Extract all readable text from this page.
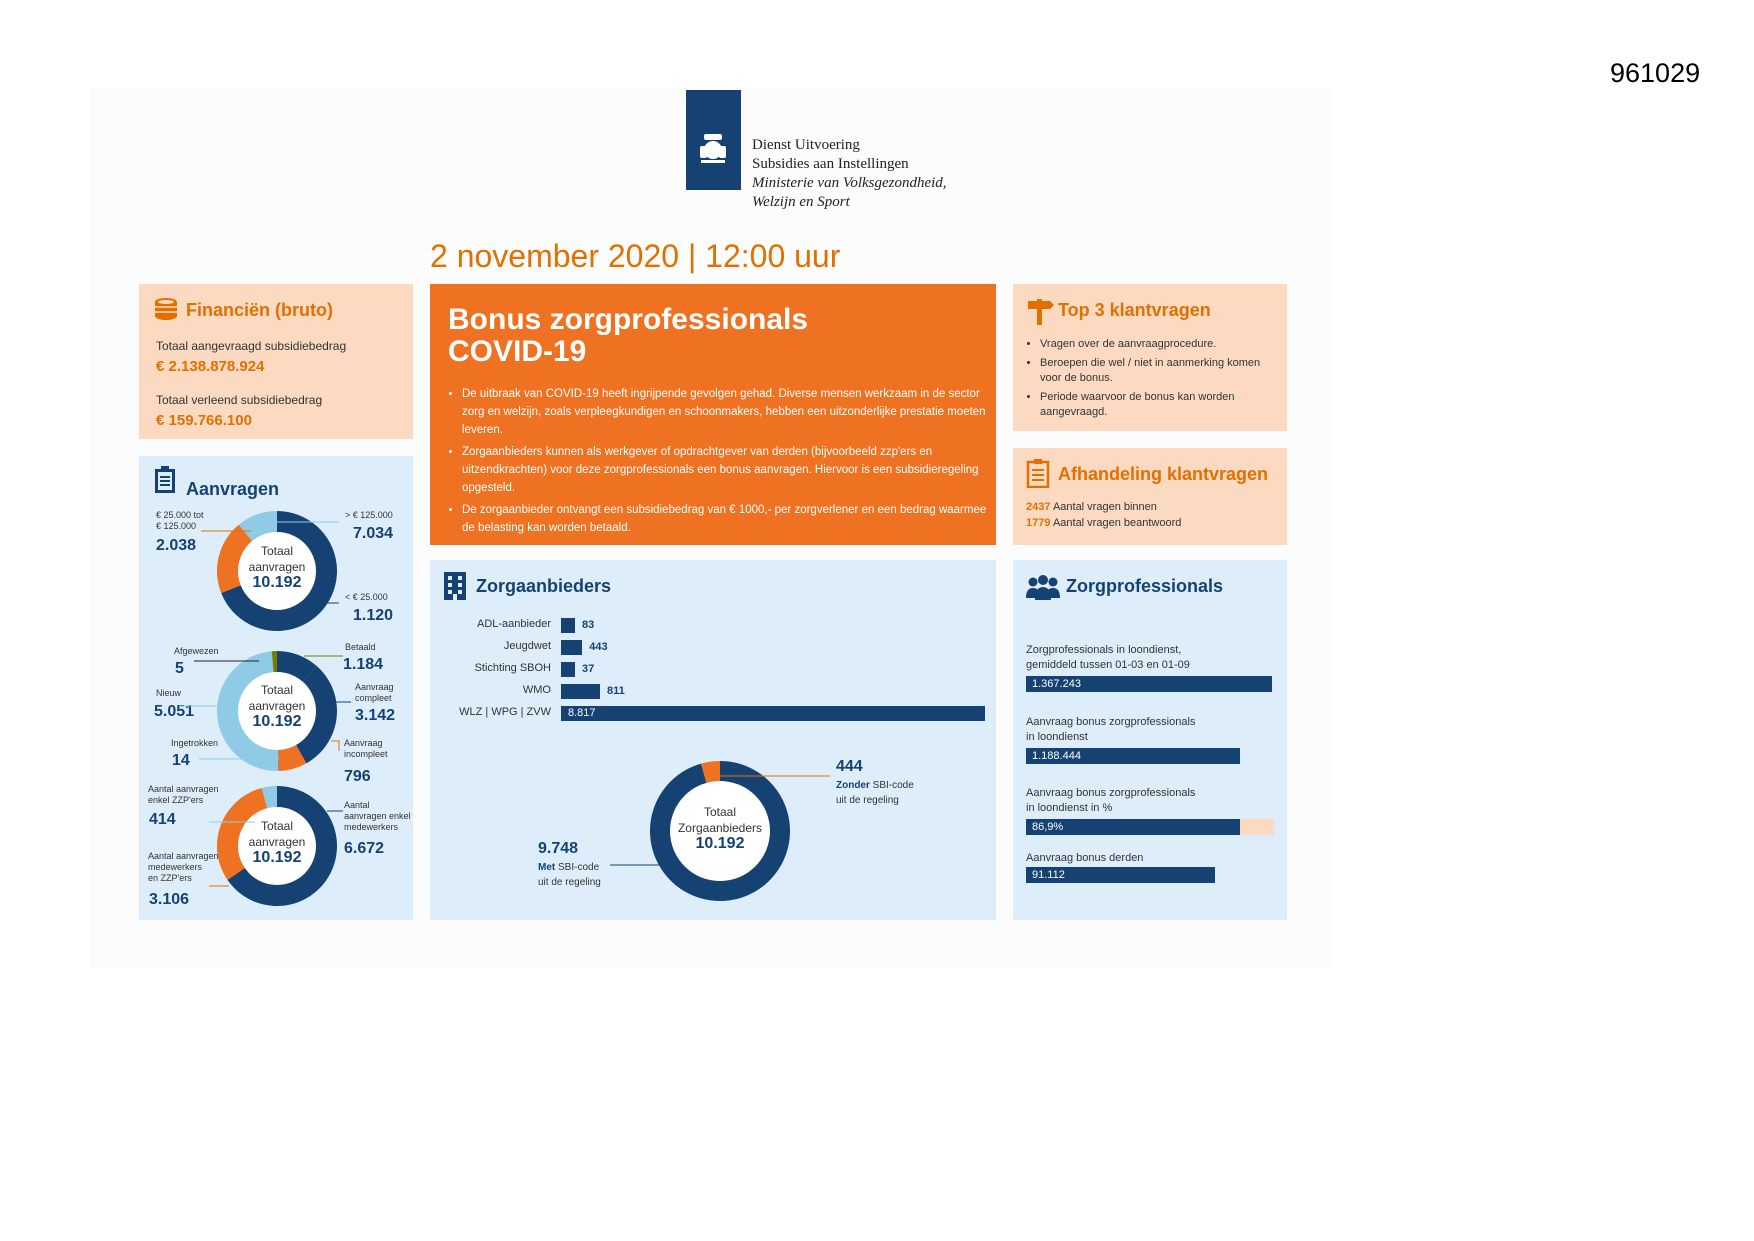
961029
Dienst Uitvoering
Subsidies aan Instellingen
Ministerie van Volksgezondheid,
Welzijn en Sport
2 november 2020 | 12:00 uur
Financiën (bruto)
Totaal aangevraagd subsidiebedrag
€ 2.138.878.924
Totaal verleend subsidiebedrag
€ 159.766.100
Aanvragen
Totaal
aanvragen
10.192
€ 25.000 tot
€ 125.000
2.038
> € 125.000
7.034
< € 25.000
1.120
Totaal
aanvragen
10.192
Afgewezen
5
Betaald
1.184
Nieuw
5.051
Aanvraag
compleet
3.142
Ingetrokken
14
Aanvraag
incompleet
796
Totaal
aanvragen
10.192
Aantal aanvragen
enkel ZZP'ers
414
Aantal
aanvragen enkel
medewerkers
6.672
Aantal aanvragen
medewerkers
en ZZP'ers
3.106
Bonus zorgprofessionals
COVID-19
• De uitbraak van COVID-19 heeft ingrijpende gevolgen gehad. Diverse mensen werkzaam in de sector zorg en welzijn, zoals verpleegkundigen en schoonmakers, hebben een uitzonderlijke prestatie moeten leveren.
• Zorgaanbieders kunnen als werkgever of opdrachtgever van derden (bijvoorbeeld zzp'ers en uitzendkrachten) voor deze zorgprofessionals een bonus aanvragen. Hiervoor is een subsidieregeling opgesteld.
• De zorgaanbieder ontvangt een subsidiebedrag van € 1000,- per zorgverlener en een bedrag waarmee de belasting kan worden betaald.
Top 3 klantvragen
• Vragen over de aanvraagprocedure.
• Beroepen die wel / niet in aanmerking komen voor de bonus.
• Periode waarvoor de bonus kan worden aangevraagd.
Afhandeling klantvragen
2437 Aantal vragen binnen
1779 Aantal vragen beantwoord
Zorgaanbieders
ADL-aanbieder	83
Jeugdwet	443
Stichting SBOH	37
WMO	811
WLZ | WPG | ZVW 8.817
Totaal
Zorgaanbieders
10.192
444
Zonder SBI-code
uit de regeling
9.748
Met SBI-code
uit de regeling
Zorgprofessionals
Zorgprofessionals in loondienst,
gemiddeld tussen 01-03 en 01-09
1.367.243
Aanvraag bonus zorgprofessionals
in loondienst
1.188.444
Aanvraag bonus zorgprofessionals
in loondienst in %
86,9%
Aanvraag bonus derden
91.112
